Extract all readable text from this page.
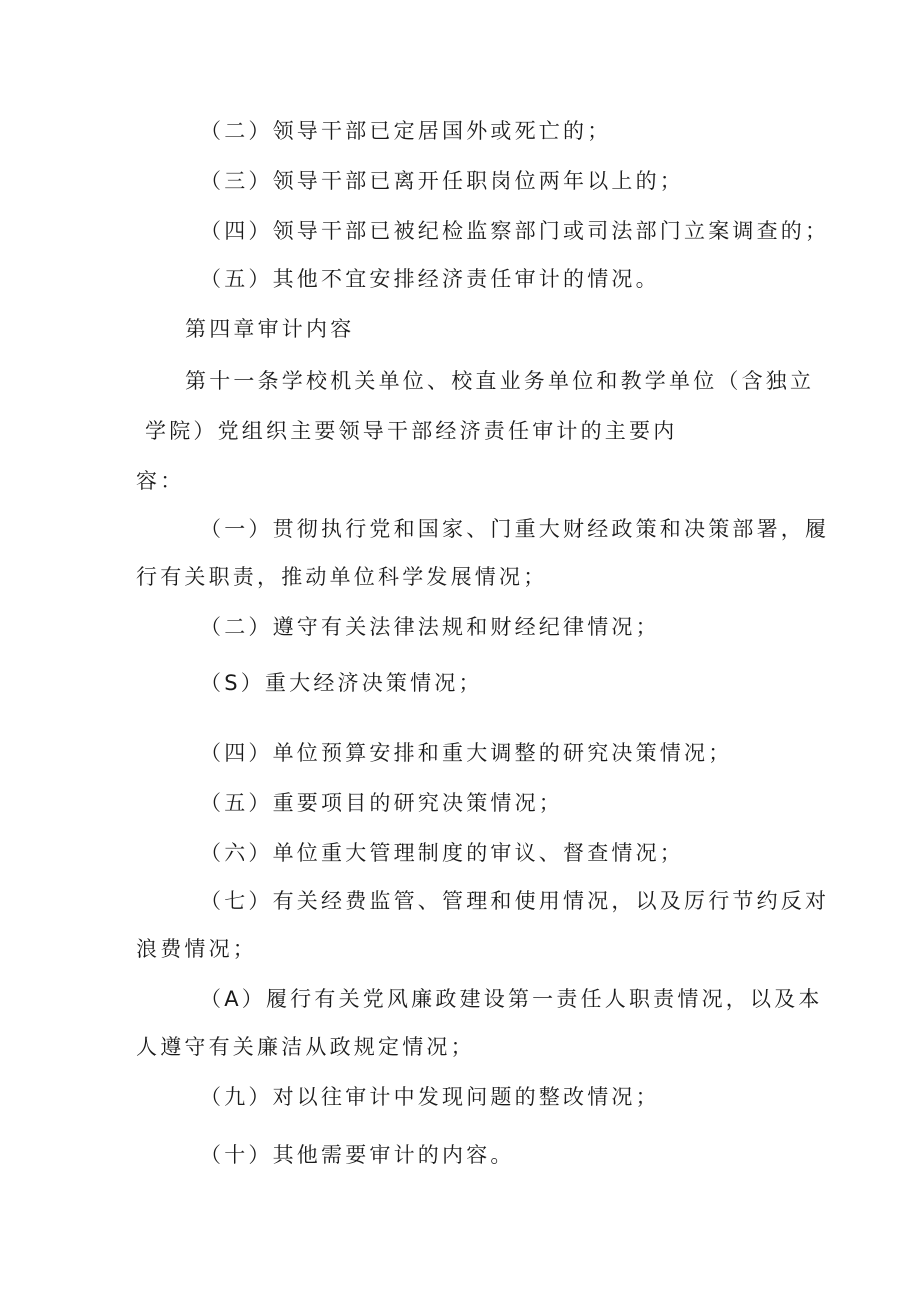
（二）领导干部已定居国外或死亡的；
（三）领导干部已离开任职岗位两年以上的；
（四）领导干部已被纪检监察部门或司法部门立案调查的；
（五）其他不宜安排经济责任审计的情况。
第四章审计内容
第十一条学校机关单位、校直业务单位和教学单位（含独立
学院）党组织主要领导干部经济责任审计的主要内
容：
（一）贯彻执行党和国家、门重大财经政策和决策部署，履
行有关职责，推动单位科学发展情况；
（二）遵守有关法律法规和财经纪律情况；
（S）重大经济决策情况；
（四）单位预算安排和重大调整的研究决策情况；
（五）重要项目的研究决策情况；
（六）单位重大管理制度的审议、督查情况；
（七）有关经费监管、管理和使用情况，以及厉行节约反对
浪费情况；
（A）履行有关党风廉政建设第一责任人职责情况，以及本
人遵守有关廉洁从政规定情况；
（九）对以往审计中发现问题的整改情况；
（十）其他需要审计的内容。
